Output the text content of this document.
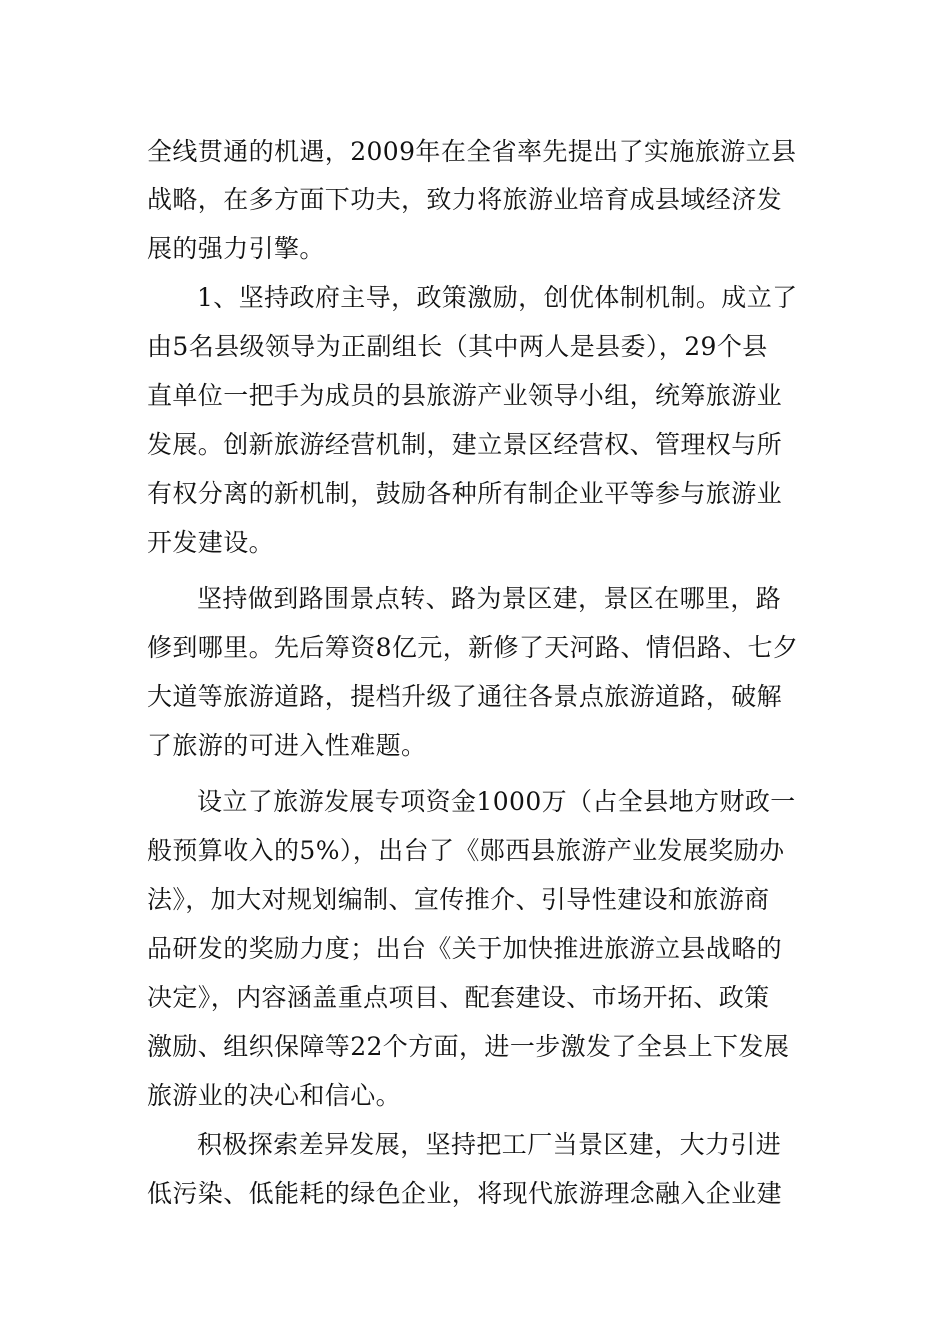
全线贯通的机遇，2009年在全省率先提出了实施旅游立县
战略，在多方面下功夫，致力将旅游业培育成县域经济发
展的强力引擎。
1、坚持政府主导，政策激励，创优体制机制。成立了
由5名县级领导为正副组长（其中两人是县委），29个县
直单位一把手为成员的县旅游产业领导小组，统筹旅游业
发展。创新旅游经营机制，建立景区经营权、管理权与所
有权分离的新机制，鼓励各种所有制企业平等参与旅游业
开发建设。
坚持做到路围景点转、路为景区建，景区在哪里，路
修到哪里。先后筹资8亿元，新修了天河路、情侣路、七夕
大道等旅游道路，提档升级了通往各景点旅游道路，破解
了旅游的可进入性难题。
设立了旅游发展专项资金1000万（占全县地方财政一
般预算收入的5%），出台了《郧西县旅游产业发展奖励办
法》，加大对规划编制、宣传推介、引导性建设和旅游商
品研发的奖励力度；出台《关于加快推进旅游立县战略的
决定》，内容涵盖重点项目、配套建设、市场开拓、政策
激励、组织保障等22个方面，进一步激发了全县上下发展
旅游业的决心和信心。
积极探索差异发展，坚持把工厂当景区建，大力引进
低污染、低能耗的绿色企业，将现代旅游理念融入企业建
